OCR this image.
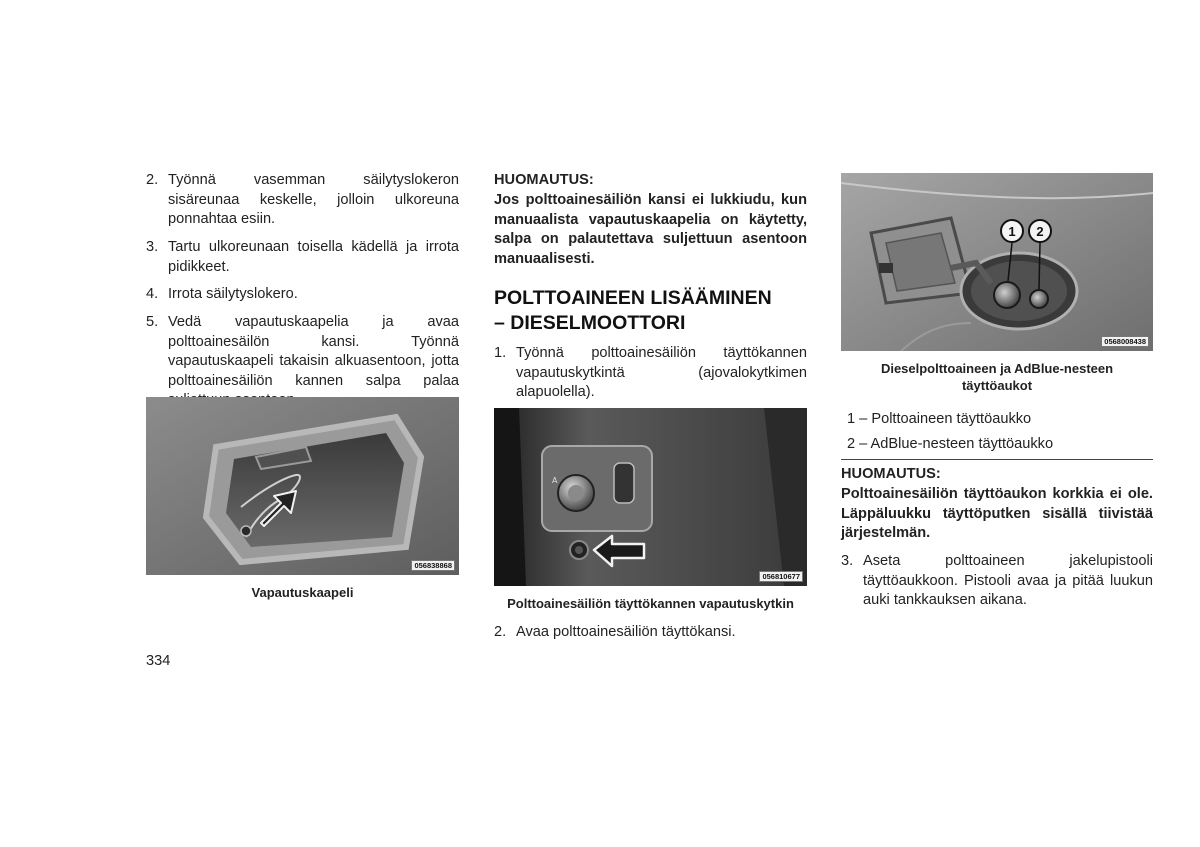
2. Työnnä vasemman säilytyslokeron sisäreunaa keskelle, jolloin ulkoreuna ponnahtaa esiin.
3. Tartu ulkoreunaan toisella kädellä ja irrota pidikkeet.
4. Irrota säilytyslokero.
5. Vedä vapautuskaapelia ja avaa polttoainesäilön kansi. Työnnä vapautuskaapeli takaisin alkuasentoon, jotta polttoainesäiliön kannen salpa palaa
056838868
Vapautuskaapeli
HUOMAUTUS:
Jos polttoainesäiliön kansi ei lukkiudu, kun manuaalista vapautuskaapelia on käytetty, salpa on palautettava suljettuun asentoon manuaalisesti.
POLTTOAINEEN LISÄÄMINEN
– DIESELMOOTTORI
1. Työnnä polttoainesäiliön täyttökannen vapautuskytkintä (ajovalokytkimen alapuolella).
A
056810677
Polttoainesäiliön täyttökannen vapautuskytkin
2. Avaa polttoainesäiliön täyttökansi.
1 2
0568008438
Dieselpolttoaineen ja AdBlue-nesteen
täyttöaukot
1 – Polttoaineen täyttöaukko
2 – AdBlue-nesteen täyttöaukko
HUOMAUTUS:
Polttoainesäiliön täyttöaukon korkkia ei ole. Läppäluukku täyttöputken sisällä tiivistää järjestelmän.
3. Aseta polttoaineen jakelupistooli täyttöaukkoon. Pistooli avaa ja pitää luukun auki tankkauksen aikana.
334
